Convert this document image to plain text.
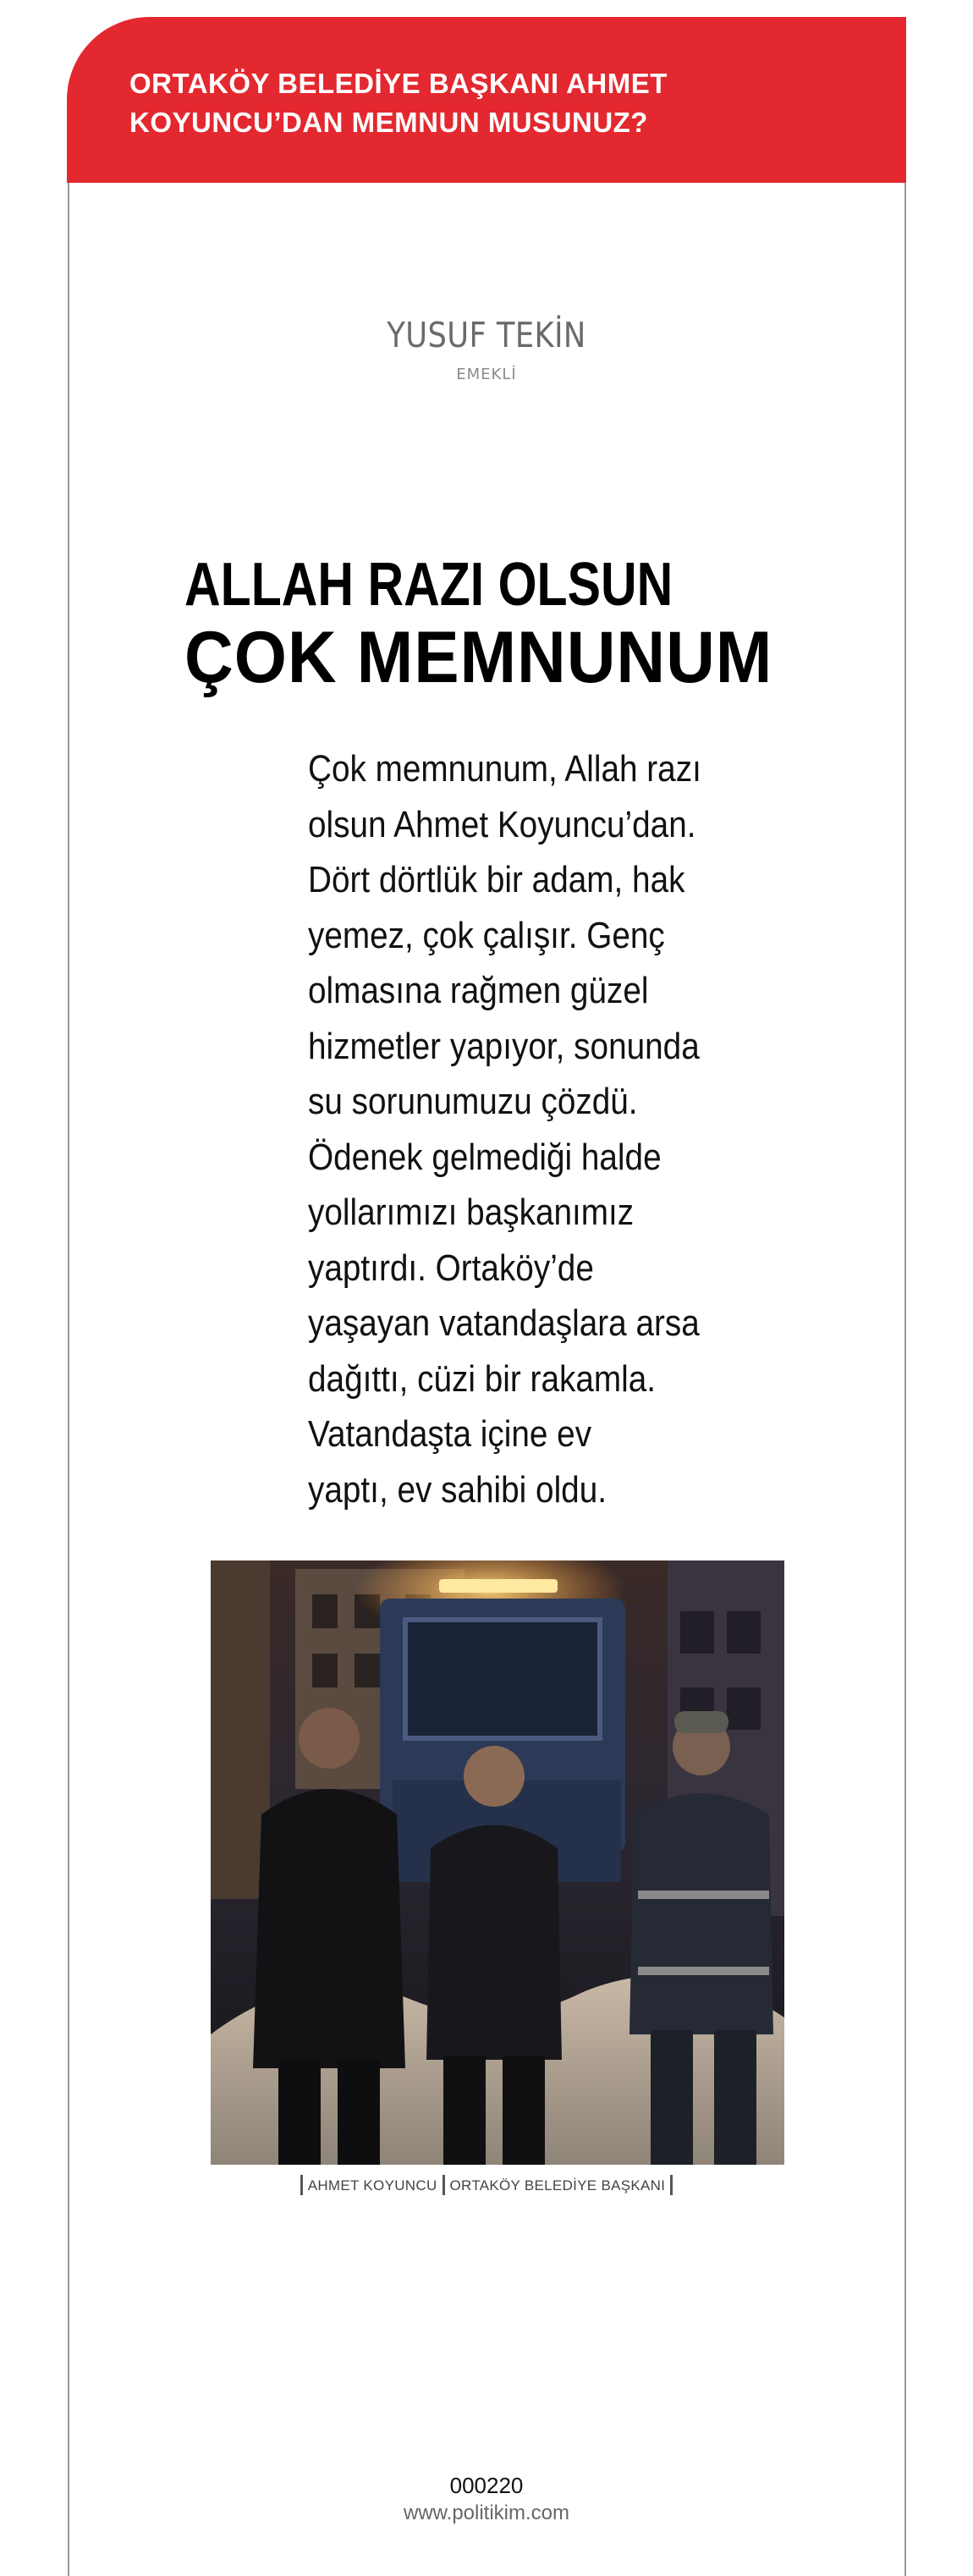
ORTAKÖY BELEDİYE BAŞKANI AHMET
KOYUNCU’DAN MEMNUN MUSUNUZ?
YUSUF TEKİN
EMEKLİ
ALLAH RAZI OLSUN
ÇOK MEMNUNUM
Çok memnunum, Allah razı
olsun Ahmet Koyuncu’dan.
Dört dörtlük bir adam, hak
yemez, çok çalışır. Genç
olmasına rağmen güzel
hizmetler yapıyor, sonunda
su sorunumuzu çözdü.
Ödenek gelmediği halde
yollarımızı başkanımız
yaptırdı. Ortaköy’de
yaşayan vatandaşlara arsa
dağıttı, cüzi bir rakamla.
Vatandaşta içine ev
yaptı, ev sahibi oldu.
AHMET KOYUNCU ORTAKÖY BELEDİYE BAŞKANI
000220
www.politikim.com
